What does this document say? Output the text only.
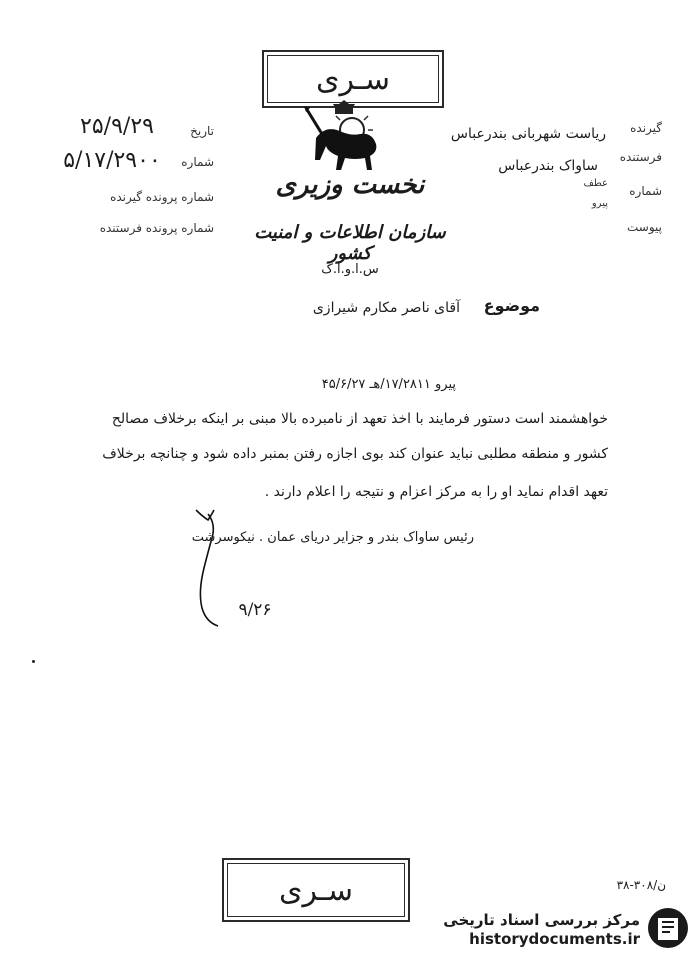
سـری
نخست وزیری
سازمان اطلاعات و امنیت کشور
س.ا.و.ا.ک
تاریخ
۲۵/۹/۲۹
شماره
۵/۱۷/۲۹۰۰
شماره پرونده گیرنده
شماره پرونده فرستنده
گیرنده
ریاست شهربانی بندرعباس
فرستنده
ساواک بندرعباس
شماره
عطف
پیرو
پیوست
موضوع
آقای ناصر مکارم شیرازی
پیرو ۱۷/۲۸۱۱/هـ ۴۵/۶/۲۷
خواهشمند است دستور فرمایند با اخذ تعهد از نامبرده بالا مبنی بر اینکه برخلاف مصالح
کشور و منطقه مطلبی نباید عنوان کند بوی اجازه رفتن بمنبر داده شود و چنانچه برخلاف
تعهد اقدام نماید او را به مرکز اعزام و نتیجه را اعلام دارند .
رئیس ساواک بندر و جزایر دریای عمان . نیکوسرشت
۹/۲۶
سـری	۳۸-۳۰۸/ن
مرکز بررسی اسناد تاریخی
historydocuments.ir
